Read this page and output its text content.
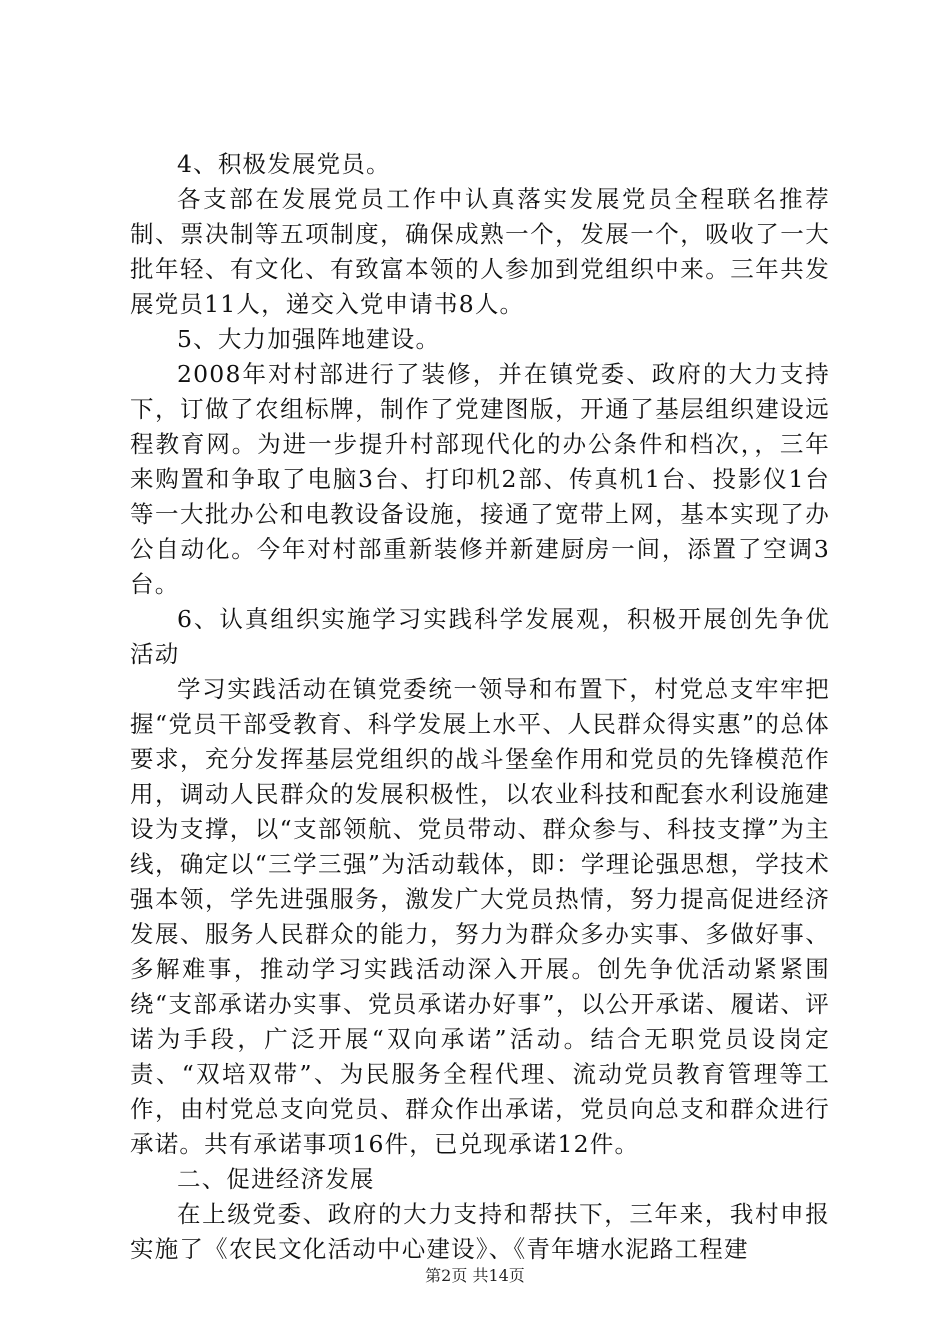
4、积极发展党员。

各支部在发展党员工作中认真落实发展党员全程联名推荐制、票决制等五项制度，确保成熟一个，发展一个，吸收了一大批年轻、有文化、有致富本领的人参加到党组织中来。三年共发展党员11人，递交入党申请书8人。

5、大力加强阵地建设。

2008年对村部进行了装修，并在镇党委、政府的大力支持下，订做了农组标牌，制作了党建图版，开通了基层组织建设远程教育网。为进一步提升村部现代化的办公条件和档次，，三年来购置和争取了电脑3台、打印机2部、传真机1台、投影仪1台等一大批办公和电教设备设施，接通了宽带上网，基本实现了办公自动化。今年对村部重新装修并新建厨房一间，添置了空调3台。

6、认真组织实施学习实践科学发展观，积极开展创先争优活动

学习实践活动在镇党委统一领导和布置下，村党总支牢牢把握“党员干部受教育、科学发展上水平、人民群众得实惠”的总体要求，充分发挥基层党组织的战斗堡垒作用和党员的先锋模范作用，调动人民群众的发展积极性，以农业科技和配套水利设施建设为支撑，以“支部领航、党员带动、群众参与、科技支撑”为主线，确定以“三学三强”为活动载体，即：学理论强思想，学技术强本领，学先进强服务，激发广大党员热情，努力提高促进经济发展、服务人民群众的能力，努力为群众多办实事、多做好事、多解难事，推动学习实践活动深入开展。创先争优活动紧紧围绕“支部承诺办实事、党员承诺办好事”，以公开承诺、履诺、评诺为手段，广泛开展“双向承诺”活动。结合无职党员设岗定责、“双培双带”、为民服务全程代理、流动党员教育管理等工作，由村党总支向党员、群众作出承诺，党员向总支和群众进行承诺。共有承诺事项16件，已兑现承诺12件。

二、促进经济发展

在上级党委、政府的大力支持和帮扶下，三年来，我村申报实施了《农民文化活动中心建设》、《青年塘水泥路工程建

第2页 共14页
